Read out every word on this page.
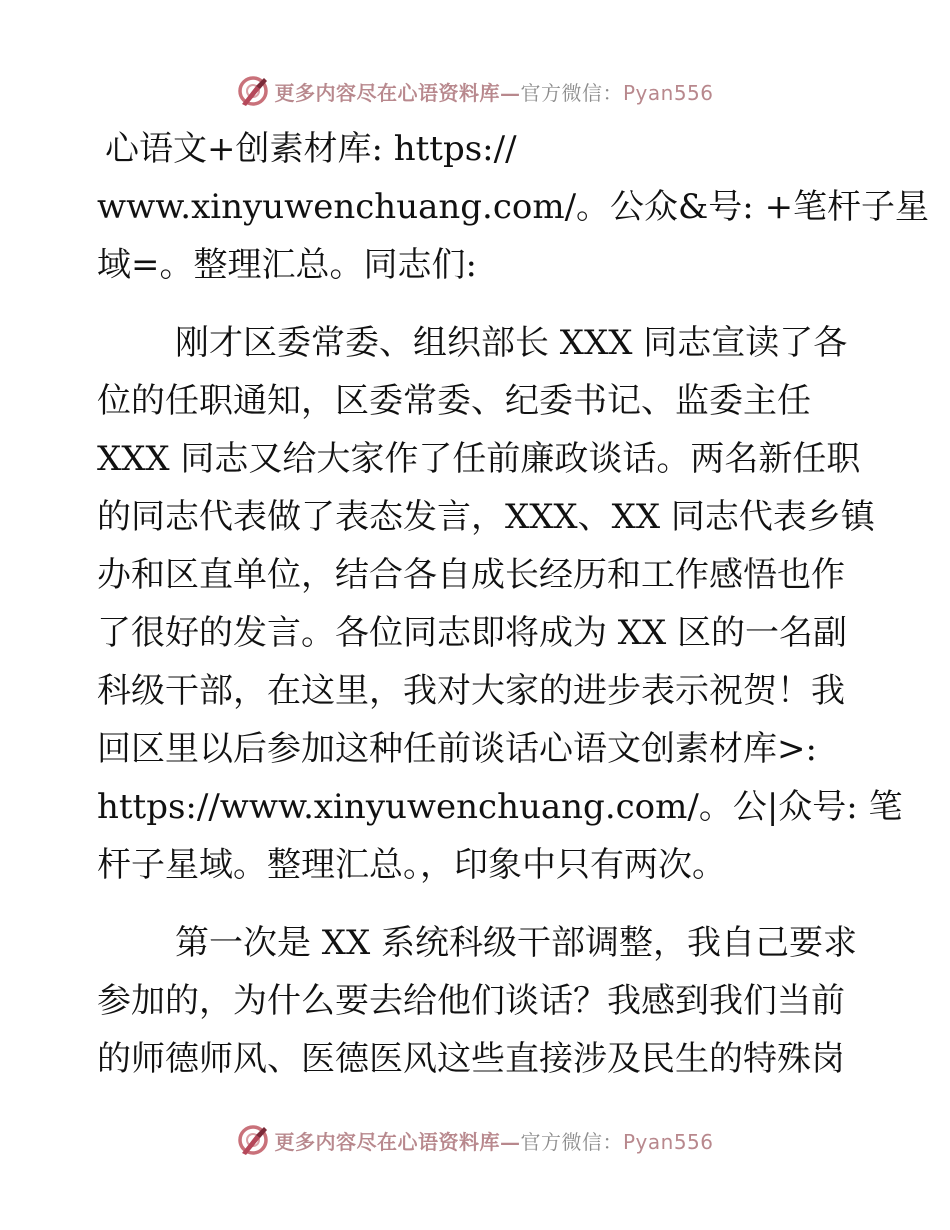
更多内容尽在心语资料库—官方微信：Pyan556
心语文+创素材库: https://
www.xinyuwenchuang.com/。公众&号: +笔杆子星
域=。整理汇总。同志们:
刚才区委常委、组织部长 XXX 同志宣读了各
位的任职通知，区委常委、纪委书记、监委主任
XXX 同志又给大家作了任前廉政谈话。两名新任职
的同志代表做了表态发言，XXX、XX 同志代表乡镇
办和区直单位，结合各自成长经历和工作感悟也作
了很好的发言。各位同志即将成为 XX 区的一名副
科级干部，在这里，我对大家的进步表示祝贺！我
回区里以后参加这种任前谈话心语文创素材库>:
https://www.xinyuwenchuang.com/。公|众号: 笔
杆子星域。整理汇总。，印象中只有两次。
第一次是 XX 系统科级干部调整，我自己要求
参加的，为什么要去给他们谈话？我感到我们当前
的师德师风、医德医风这些直接涉及民生的特殊岗
更多内容尽在心语资料库—官方微信：Pyan556
